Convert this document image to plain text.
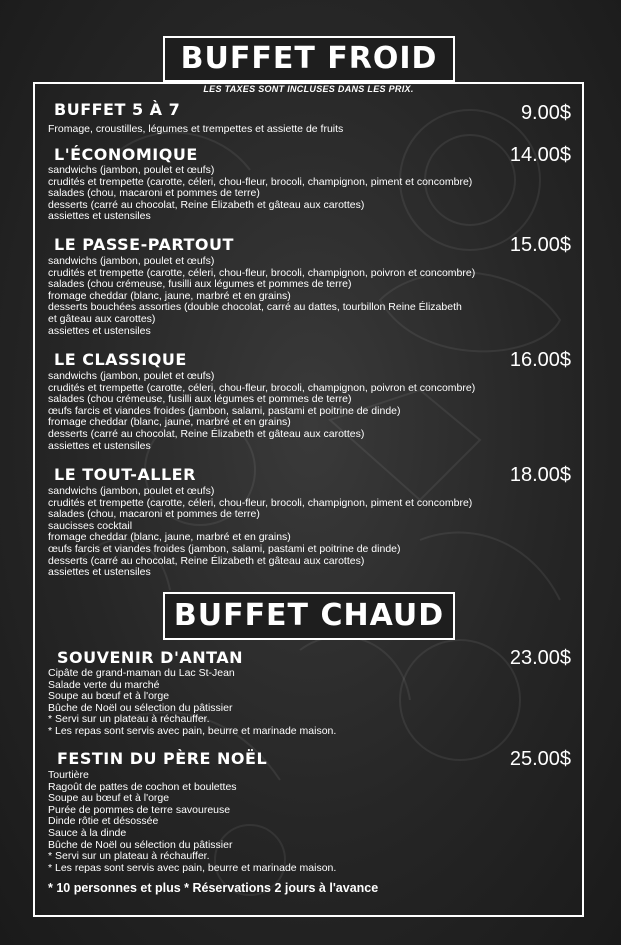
BUFFET FROID
LES TAXES SONT INCLUSES DANS LES PRIX.
BUFFET 5 À 7	9.00$
Fromage, croustilles, légumes et trempettes et assiette de fruits
L'ÉCONOMIQUE	14.00$
sandwichs (jambon, poulet et œufs)
crudités et trempette (carotte, céleri, chou-fleur, brocoli, champignon, piment et concombre)
salades (chou, macaroni et pommes de terre)
desserts (carré au chocolat, Reine Élizabeth et gâteau aux carottes)
assiettes et ustensiles
LE PASSE-PARTOUT	15.00$
sandwichs (jambon, poulet et œufs)
crudités et trempette (carotte, céleri, chou-fleur, brocoli, champignon, poivron et concombre)
salades (chou crémeuse, fusilli aux légumes et pommes de terre)
fromage cheddar (blanc, jaune, marbré et en grains)
desserts bouchées assorties (double chocolat, carré au dattes, tourbillon Reine Élizabeth
et gâteau aux carottes)
assiettes et ustensiles
LE CLASSIQUE	16.00$
sandwichs (jambon, poulet et œufs)
crudités et trempette (carotte, céleri, chou-fleur, brocoli, champignon, poivron et concombre)
salades (chou crémeuse, fusilli aux légumes et pommes de terre)
œufs farcis et viandes froides (jambon, salami, pastami et poitrine de dinde)
fromage cheddar (blanc, jaune, marbré et en grains)
desserts (carré au chocolat, Reine Élizabeth et gâteau aux carottes)
assiettes et ustensiles
LE TOUT-ALLER	18.00$
sandwichs (jambon, poulet et œufs)
crudités et trempette (carotte, céleri, chou-fleur, brocoli, champignon, piment et concombre)
salades (chou, macaroni et pommes de terre)
saucisses cocktail
fromage cheddar (blanc, jaune, marbré et en grains)
œufs farcis et viandes froides (jambon, salami, pastami et poitrine de dinde)
desserts (carré au chocolat, Reine Élizabeth et gâteau aux carottes)
assiettes et ustensiles
BUFFET CHAUD
SOUVENIR D'ANTAN	23.00$
Cipâte de grand-maman du Lac St-Jean
Salade verte du marché
Soupe au bœuf et à l'orge
Bûche de Noël ou sélection du pâtissier
* Servi sur un plateau à réchauffer.
* Les repas sont servis avec pain, beurre et marinade maison.
FESTIN DU PÈRE NOËL	25.00$
Tourtière
Ragoût de pattes de cochon et boulettes
Soupe au bœuf et à l'orge
Purée de pommes de terre savoureuse
Dinde rôtie et désossée
Sauce à la dinde
Bûche de Noël ou sélection du pâtissier
* Servi sur un plateau à réchauffer.
* Les repas sont servis avec pain, beurre et marinade maison.
* 10 personnes et plus * Réservations 2 jours à l'avance
